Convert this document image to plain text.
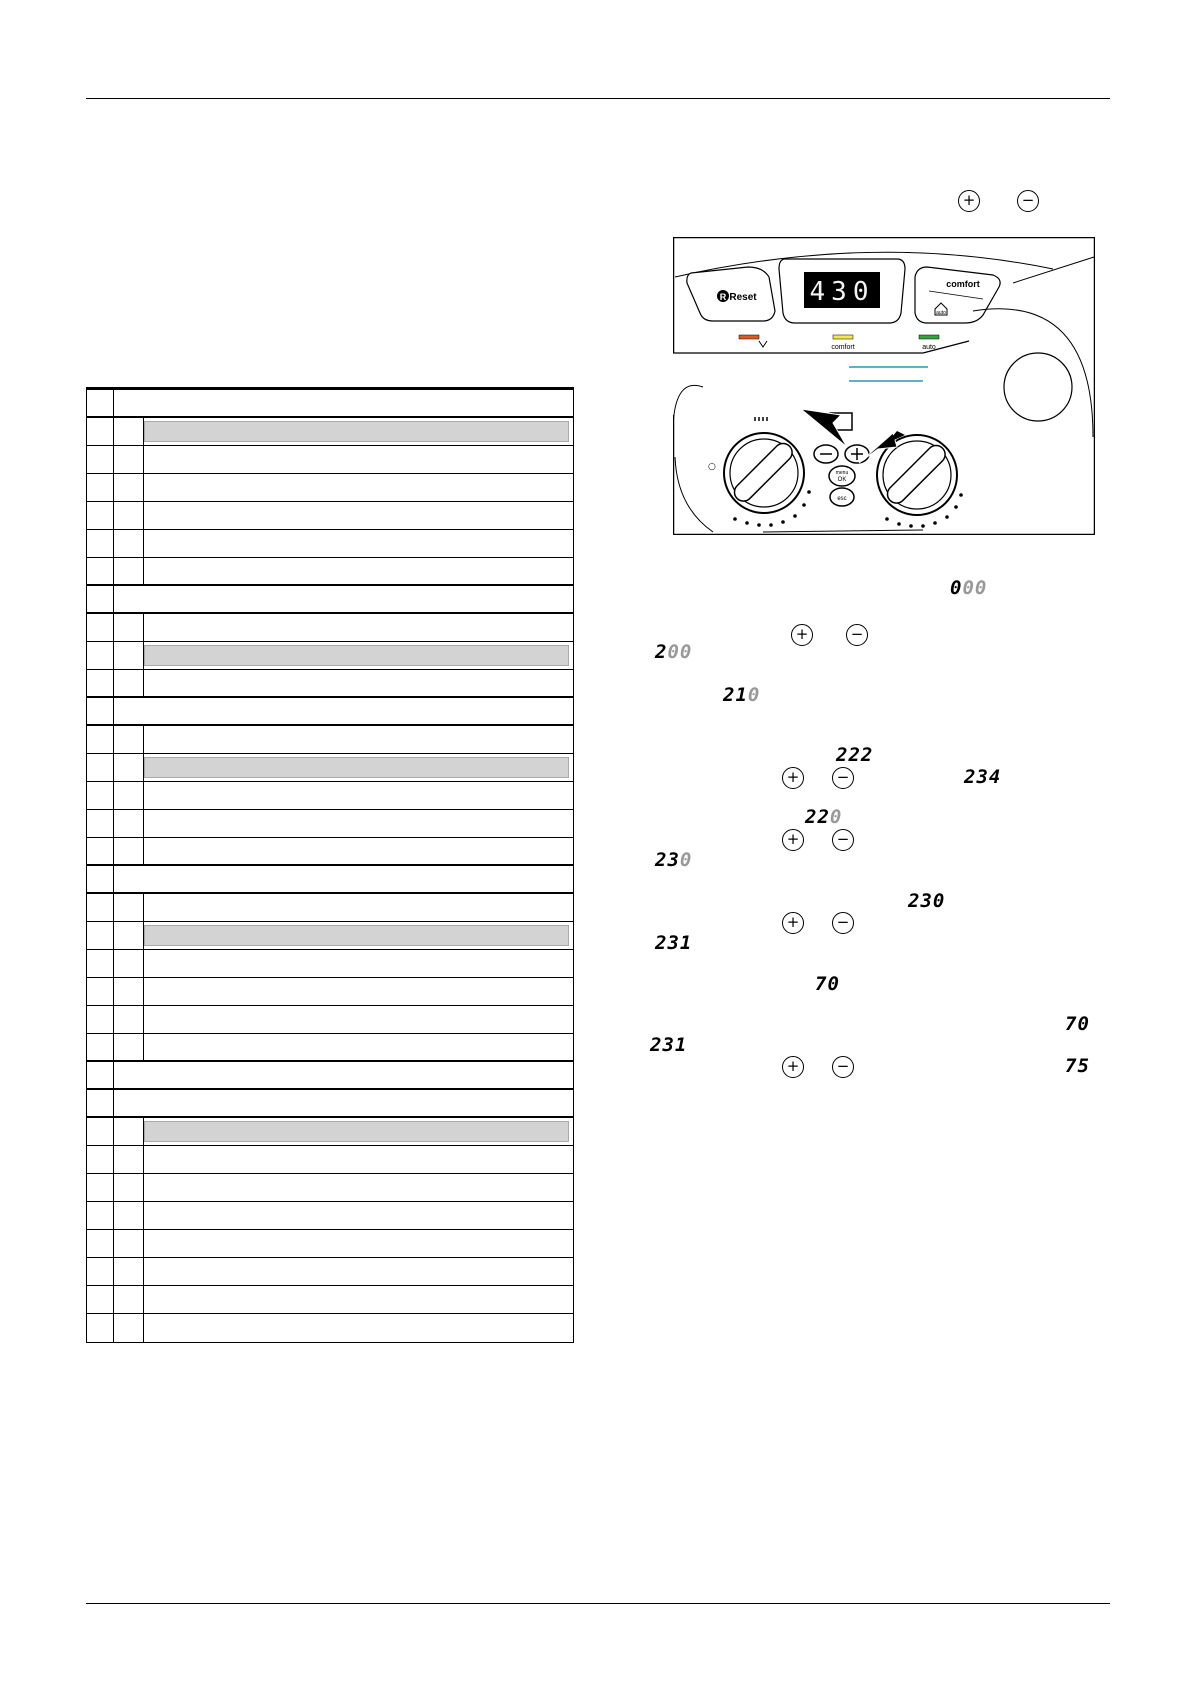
+	−
R Reset 430	comfort
auto
comfort	auto
○
menu
OK
esc
000
+	−
200
210
222
+	−	234
220
+	−
230
230
+	−
231
70
70
231
+	−	75
